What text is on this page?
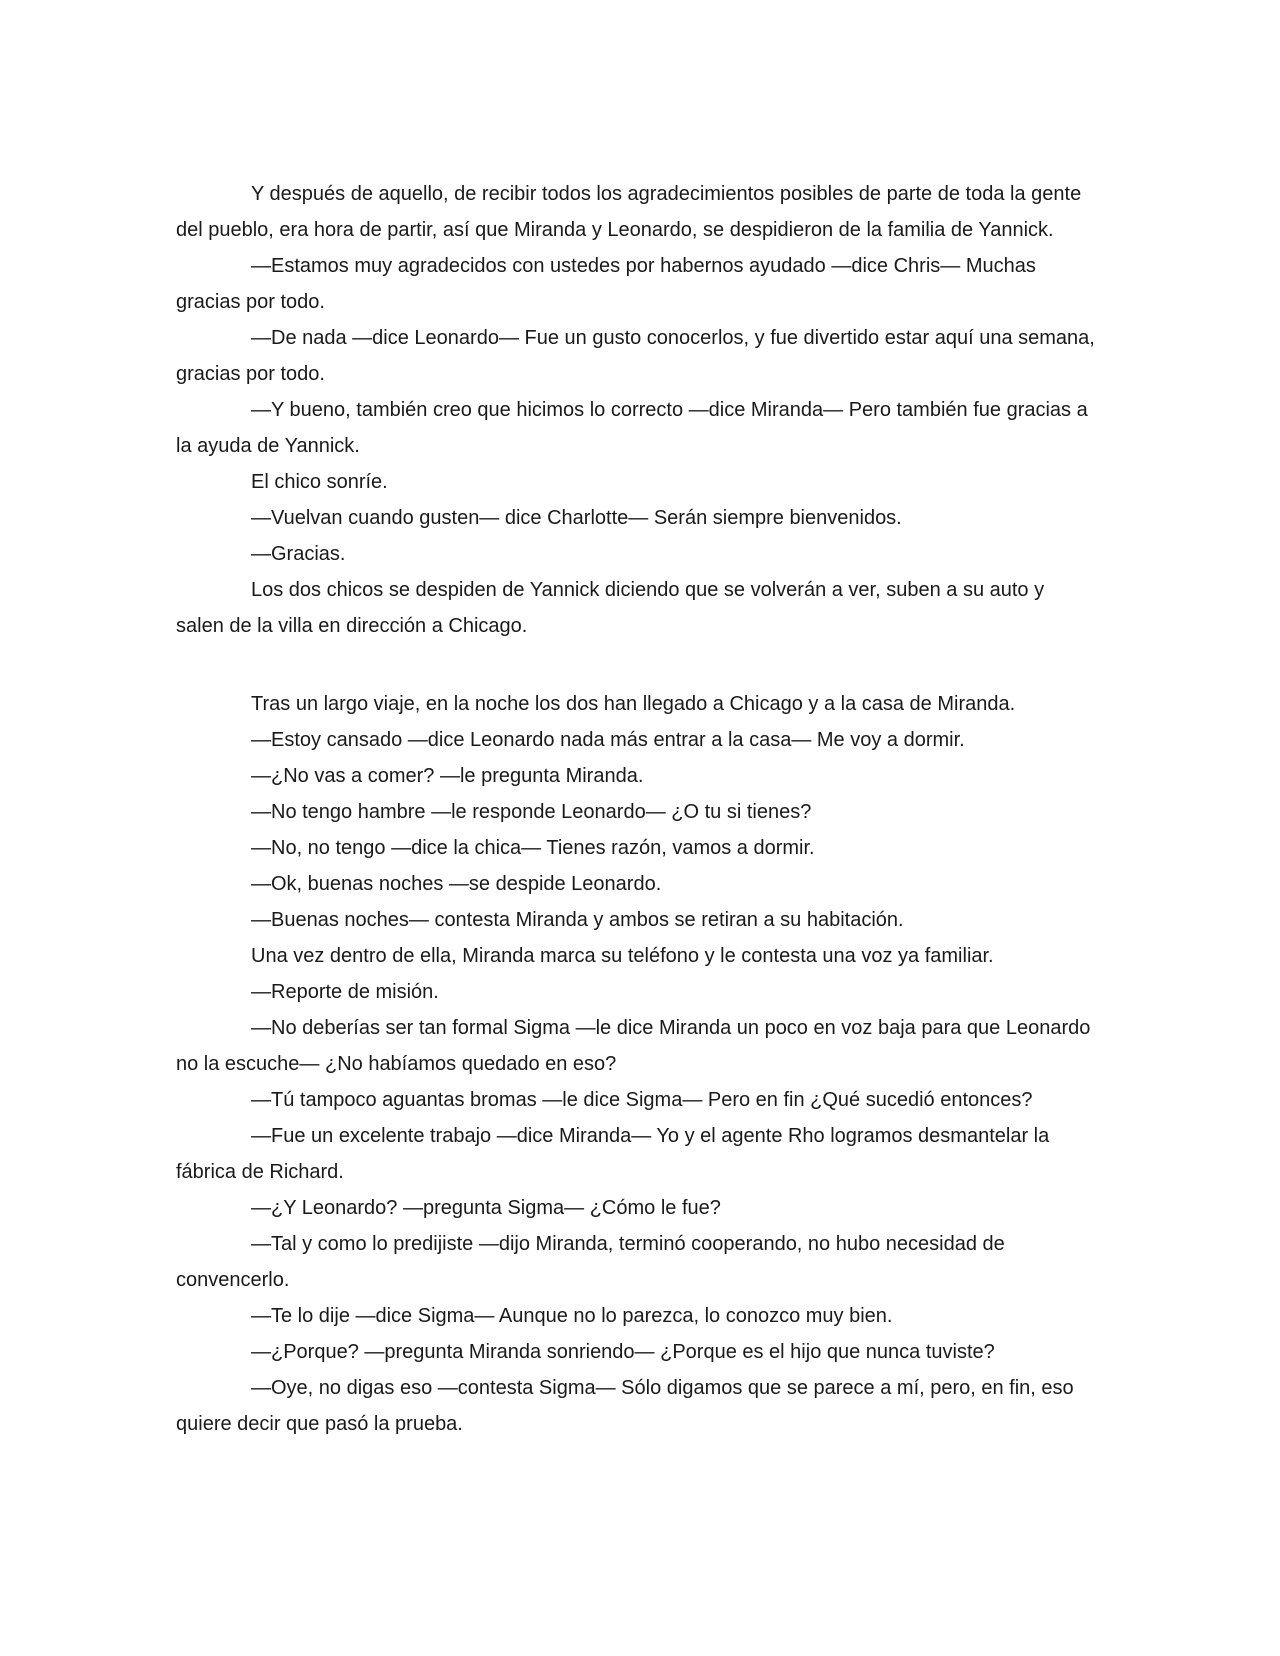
Y después de aquello, de recibir todos los agradecimientos posibles de parte de toda la gente del pueblo, era hora de partir, así que Miranda y Leonardo, se despidieron de la familia de Yannick.

—Estamos muy agradecidos con ustedes por habernos ayudado —dice Chris— Muchas gracias por todo.

—De nada —dice Leonardo— Fue un gusto conocerlos, y fue divertido estar aquí una semana, gracias por todo.

—Y bueno, también creo que hicimos lo correcto —dice Miranda— Pero también fue gracias a la ayuda de Yannick.

El chico sonríe.

—Vuelvan cuando gusten— dice Charlotte— Serán siempre bienvenidos.

—Gracias.

Los dos chicos se despiden de Yannick diciendo que se volverán a ver, suben a su auto y salen de la villa en dirección a Chicago.

Tras un largo viaje, en la noche los dos han llegado a Chicago y a la casa de Miranda.

—Estoy cansado —dice Leonardo nada más entrar a la casa— Me voy a dormir.

—¿No vas a comer? —le pregunta Miranda.

—No tengo hambre —le responde Leonardo— ¿O tu si tienes?

—No, no tengo —dice la chica— Tienes razón, vamos a dormir.

—Ok, buenas noches —se despide Leonardo.

—Buenas noches— contesta Miranda y ambos se retiran a su habitación.

Una vez dentro de ella, Miranda marca su teléfono y le contesta una voz ya familiar.

—Reporte de misión.

—No deberías ser tan formal Sigma —le dice Miranda un poco en voz baja para que Leonardo no la escuche— ¿No habíamos quedado en eso?

—Tú tampoco aguantas bromas —le dice Sigma— Pero en fin ¿Qué sucedió entonces?

—Fue un excelente trabajo —dice Miranda— Yo y el agente Rho logramos desmantelar la fábrica de Richard.

—¿Y Leonardo? —pregunta Sigma— ¿Cómo le fue?

—Tal y como lo predijiste —dijo Miranda, terminó cooperando, no hubo necesidad de convencerlo.

—Te lo dije —dice Sigma— Aunque no lo parezca, lo conozco muy bien.

—¿Porque? —pregunta Miranda sonriendo— ¿Porque es el hijo que nunca tuviste?

—Oye, no digas eso —contesta Sigma— Sólo digamos que se parece a mí, pero, en fin, eso quiere decir que pasó la prueba.
